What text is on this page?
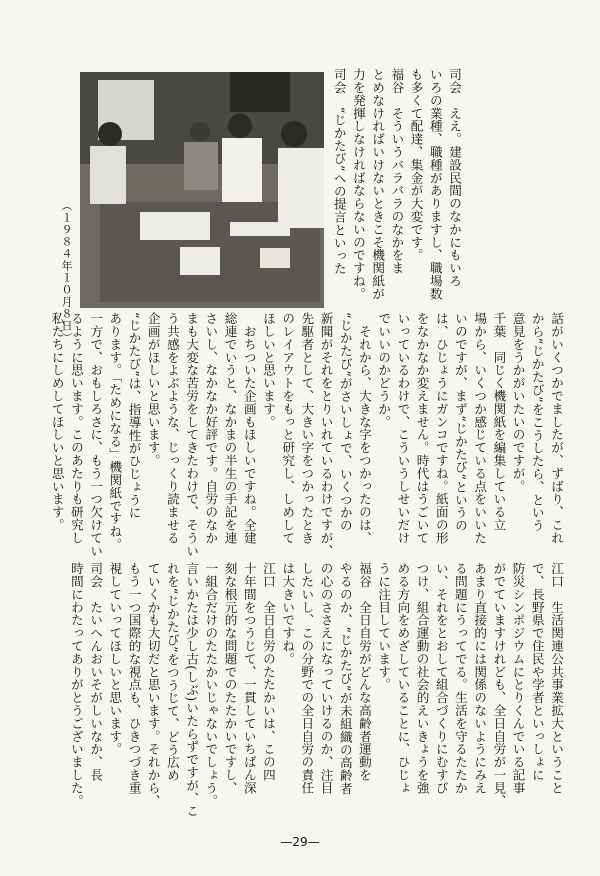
（１９８４年１０月８日）
司会　ええ。建設民間のなかにもいろ
いろの業種、職種がありますし、職場数
も多くて配達、集金が大変です。
福谷　そういうバラバラのなかをま
とめなければいけないときこそ機関紙が
力を発揮しなければならないのですね。
司会　“じかたび”への提言といった
話がいくつかでましたが、ずばり、これ
から“じかたび”をこうしたら、という
意見をうかがいたいのですが。
千葉　同じく機関紙を編集している立
場から、いくつか感じている点をいいた
いのですが、まず“じかたび”というの
は、ひじょうにガンコですね。紙面の形
をなかなか変えません。時代はうごいて
いっているわけで、こういうしせいだけ
でいいのかどうか。
　それから、大きな字をつかったのは、
“じかたび”がさいしょで、いくつかの
新聞がそれをとりいれているわけですが、
先駆者として、大きい字をつかったとき
のレイアウトをもっと研究し、しめして
ほしいと思います。
　おちついた企画もほしいですね。全建
総連でいうと、なかまの半生の手記を連
さいし、なかなか好評です。自労のなか
まも大変な苦労をしてきたわけで、そうい
う共感をよぶような、じっくり読ませる
企画がほしいと思います。
“じかたび”は、指導性がひじょうに
あります。「ためになる」機関紙ですね。
一方で、おもしろさに、もう一つ欠けてい
るように思います。このあたりも研究し
私たちにしめしてほしいと思います。
江口　生活関連公共事業拡大ということ
で、長野県で住民や学者といっしょに
防災シンポジウムにとりくんでいる記事
がでていますけれども、全日自労が一見、
あまり直接的には関係のないようにみえ
る問題にうってでる。生活を守るたたか
い、それをとおして組合づくりにむすび
つけ、組合運動の社会的えいきょうを強
める方向をめざしていることに、ひじょ
うに注目しています。
福谷　全日自労がどんな高齢者運動を
やるのか、“じかたび”が未組織の高齢者
の心のささえになっていけるのか、注目
したいし、この分野での全日自労の責任
は大きいですね。
江口　全日自労のたたかいは、この四
十年間をつうじて、一貫していちばん深
刻な根元的な問題でのたたかいですし、
一組合だけのたたかいじゃないでしょう。
言いかたは少し古(しぶ)いたらずですが、こ
れを“じかたび”をつうじて、どう広め
ていくかも大切だと思います。それから、
もう一つ国際的な視点も、ひきつづき重
視していってほしいと思います。
司会　たいへんおいそがしいなか、長
時間にわたってありがとうございました。
—29—
